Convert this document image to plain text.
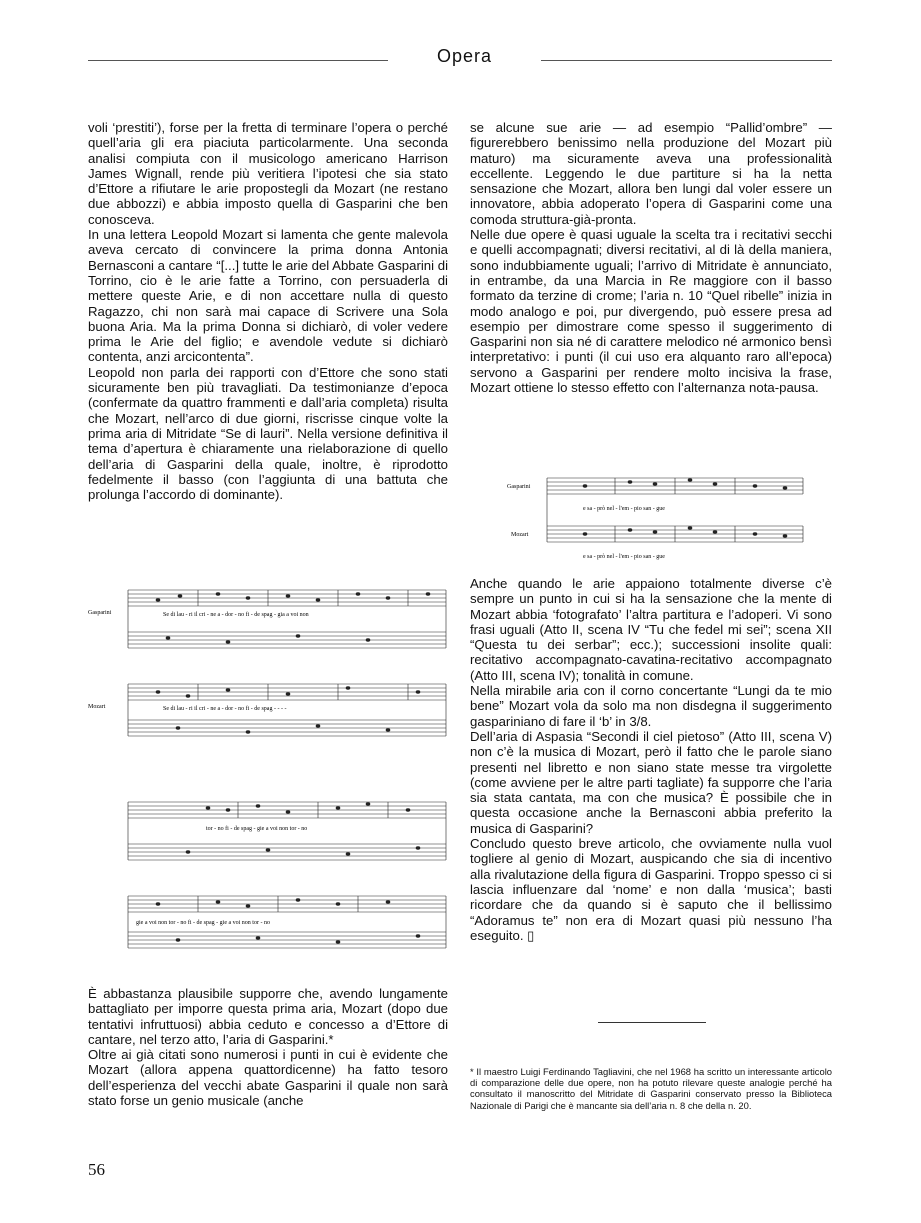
Opera

voli ‘prestiti’), forse per la fretta di terminare l’opera o perché quell’aria gli era piaciuta particolarmente. Una seconda analisi compiuta con il musicologo americano Harrison James Wignall, rende più veritiera l’ipotesi che sia stato d’Ettore a rifiutare le arie propostegli da Mozart (ne restano due abbozzi) e abbia imposto quella di Gasparini che ben conosceva.

In una lettera Leopold Mozart si lamenta che gente malevola aveva cercato di convincere la prima donna Antonia Bernasconi a cantare “[...] tutte le arie del Abbate Gasparini di Torrino, cio è le arie fatte a Torrino, con persuaderla di mettere queste Arie, e di non accettare nulla di questo Ragazzo, chi non sarà mai capace di Scrivere una Sola buona Aria. Ma la prima Donna si dichiarò, di voler vedere prima le Arie del figlio; e avendole vedute si dichiarò contenta, anzi arcicontenta”.

Leopold non parla dei rapporti con d’Ettore che sono stati sicuramente ben più travagliati. Da testimonianze d’epoca (confermate da quattro frammenti e dall’aria completa) risulta che Mozart, nell’arco di due giorni, riscrisse cinque volte la prima aria di Mitridate “Se di lauri”. Nella versione definitiva il tema d’apertura è chiaramente una rielaborazione di quello dell’aria di Gasparini della quale, inoltre, è riprodotto fedelmente il basso (con l’aggiunta di una battuta che prolunga l’accordo di dominante).

Gasparini
Mozart
Se di lau - ri il cri - ne a - dor - no fi - de spag - gia a voi non
Se di lau - ri il cri - ne a - dor - no fi - de spag - - - -
tor - no fi - de spag - gie a voi non tor - no
gie a voi non tor - no fi - de spag - gie a voi non tor - no

È abbastanza plausibile supporre che, avendo lungamente battagliato per imporre questa prima aria, Mozart (dopo due tentativi infruttuosi) abbia ceduto e concesso a d’Ettore di cantare, nel terzo atto, l’aria di Gasparini.*

Oltre ai già citati sono numerosi i punti in cui è evidente che Mozart (allora appena quattordicenne) ha fatto tesoro dell’esperienza del vecchi abate Gasparini il quale non sarà stato forse un genio musicale (anche

se alcune sue arie — ad esempio “Pallid’ombre” — figurerebbero benissimo nella produzione del Mozart più maturo) ma sicuramente aveva una professionalità eccellente. Leggendo le due partiture si ha la netta sensazione che Mozart, allora ben lungi dal voler essere un innovatore, abbia adoperato l’opera di Gasparini come una comoda struttura-già-pronta.

Nelle due opere è quasi uguale la scelta tra i recitativi secchi e quelli accompagnati; diversi recitativi, al di là della maniera, sono indubbiamente uguali; l’arrivo di Mitridate è annunciato, in entrambe, da una Marcia in Re maggiore con il basso formato da terzine di crome; l’aria n. 10 “Quel ribelle” inizia in modo analogo e poi, pur divergendo, può essere presa ad esempio per dimostrare come spesso il suggerimento di Gasparini non sia né di carattere melodico né armonico bensì interpretativo: i punti (il cui uso era alquanto raro all’epoca) servono a Gasparini per rendere molto incisiva la frase, Mozart ottiene lo stesso effetto con l’alternanza nota-pausa.

Gasparini
Mozart
e sa - prò nel - l'em - pio san - gue
e sa - prò nel - l'em - pio san - gue

Anche quando le arie appaiono totalmente diverse c’è sempre un punto in cui si ha la sensazione che la mente di Mozart abbia ‘fotografato’ l’altra partitura e l’adoperi. Vi sono frasi uguali (Atto II, scena IV “Tu che fedel mi sei”; scena XII “Questa tu dei serbar”; ecc.); successioni insolite quali: recitativo accompagnato-cavatina-recitativo accompagnato (Atto III, scena IV); tonalità in comune.

Nella mirabile aria con il corno concertante “Lungi da te mio bene” Mozart vola da solo ma non disdegna il suggerimento gaspariniano di fare il ‘b’ in 3/8.

Dell’aria di Aspasia “Secondi il ciel pietoso” (Atto III, scena V) non c’è la musica di Mozart, però il fatto che le parole siano presenti nel libretto e non siano state messe tra virgolette (come avviene per le altre parti tagliate) fa supporre che l’aria sia stata cantata, ma con che musica? È possibile che in questa occasione anche la Bernasconi abbia preferito la musica di Gasparini?

Concludo questo breve articolo, che ovviamente nulla vuol togliere al genio di Mozart, auspicando che sia di incentivo alla rivalutazione della figura di Gasparini. Troppo spesso ci si lascia influenzare dal ‘nome’ e non dalla ‘musica’; basti ricordare che da quando si è saputo che il bellissimo “Adoramus te” non era di Mozart quasi più nessuno l’ha eseguito. ▯

* Il maestro Luigi Ferdinando Tagliavini, che nel 1968 ha scritto un interessante articolo di comparazione delle due opere, non ha potuto rilevare queste analogie perché ha consultato il manoscritto del Mitridate di Gasparini conservato presso la Biblioteca Nazionale di Parigi che è mancante sia dell’aria n. 8 che della n. 20.
56
